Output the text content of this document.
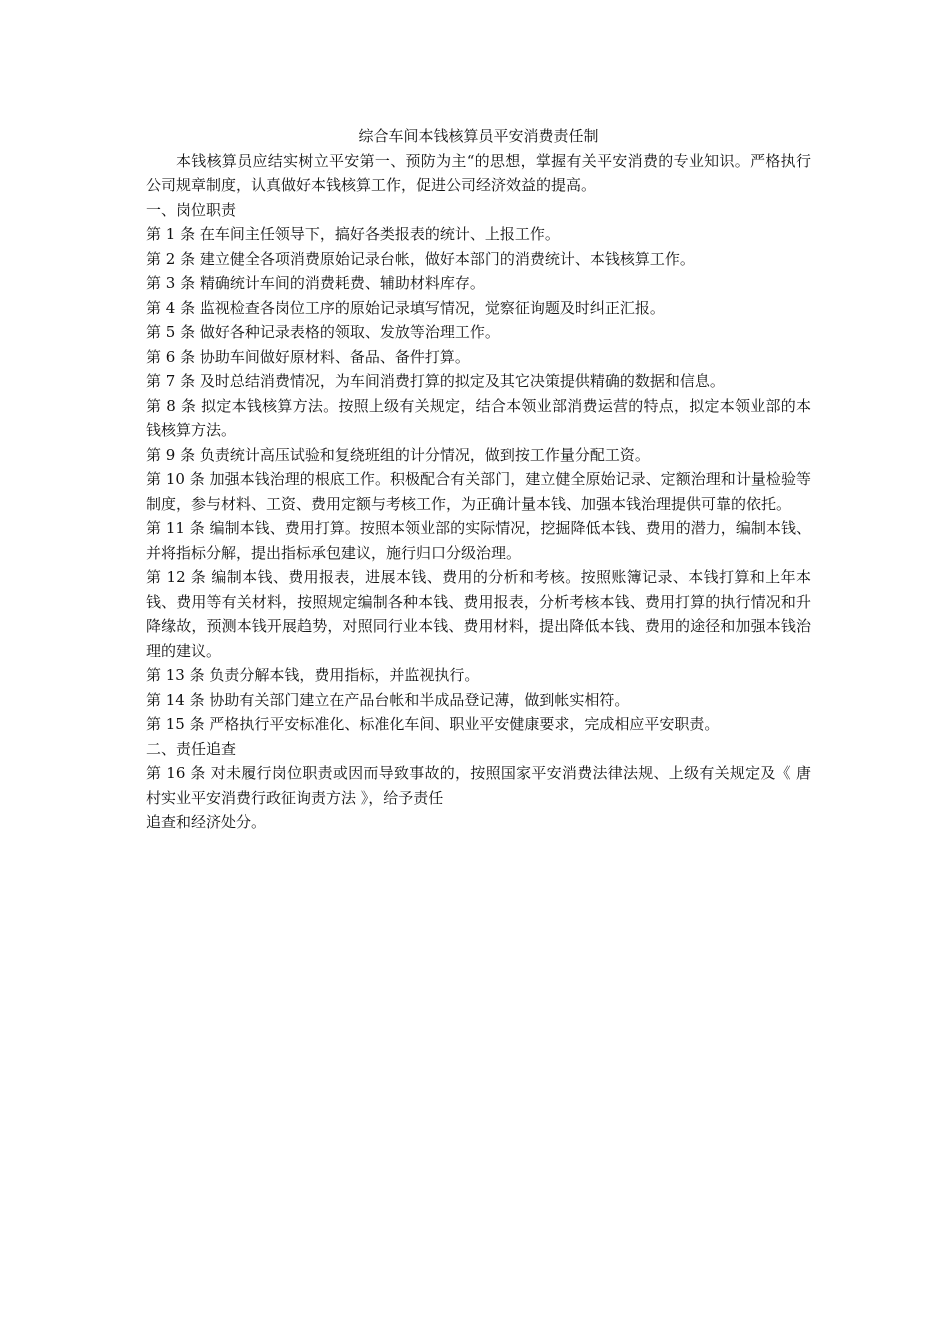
综合车间本钱核算员平安消费责任制

本钱核算员应结实树立平安第一、预防为主“的思想，掌握有关平安消费的专业知识。严格执行公司规章制度，认真做好本钱核算工作，促进公司经济效益的提高。

一、岗位职责

第 1 条 在车间主任领导下，搞好各类报表的统计、上报工作。

第 2 条 建立健全各项消费原始记录台帐，做好本部门的消费统计、本钱核算工作。

第 3 条 精确统计车间的消费耗费、辅助材料库存。

第 4 条 监视检查各岗位工序的原始记录填写情况，觉察征询题及时纠正汇报。

第 5 条 做好各种记录表格的领取、发放等治理工作。

第 6 条 协助车间做好原材料、备品、备件打算。

第 7 条 及时总结消费情况，为车间消费打算的拟定及其它决策提供精确的数据和信息。

第 8 条 拟定本钱核算方法。按照上级有关规定，结合本领业部消费运营的特点，拟定本领业部的本钱核算方法。

第 9 条 负责统计高压试验和复绕班组的计分情况，做到按工作量分配工资。

第 10 条 加强本钱治理的根底工作。积极配合有关部门，建立健全原始记录、定额治理和计量检验等制度，参与材料、工资、费用定额与考核工作，为正确计量本钱、加强本钱治理提供可靠的依托。

第 11 条 编制本钱、费用打算。按照本领业部的实际情况，挖掘降低本钱、费用的潜力，编制本钱、并将指标分解，提出指标承包建议，施行归口分级治理。

第 12 条 编制本钱、费用报表，进展本钱、费用的分析和考核。按照账簿记录、本钱打算和上年本钱、费用等有关材料，按照规定编制各种本钱、费用报表，分析考核本钱、费用打算的执行情况和升降缘故，预测本钱开展趋势，对照同行业本钱、费用材料，提出降低本钱、费用的途径和加强本钱治理的建议。

第 13 条 负责分解本钱，费用指标，并监视执行。

第 14 条 协助有关部门建立在产品台帐和半成品登记薄，做到帐实相符。

第 15 条 严格执行平安标准化、标准化车间、职业平安健康要求，完成相应平安职责。

二、责任追查

第 16 条 对未履行岗位职责或因而导致事故的，按照国家平安消费法律法规、上级有关规定及《 唐村实业平安消费行政征询责方法 》，给予责任

追查和经济处分。
